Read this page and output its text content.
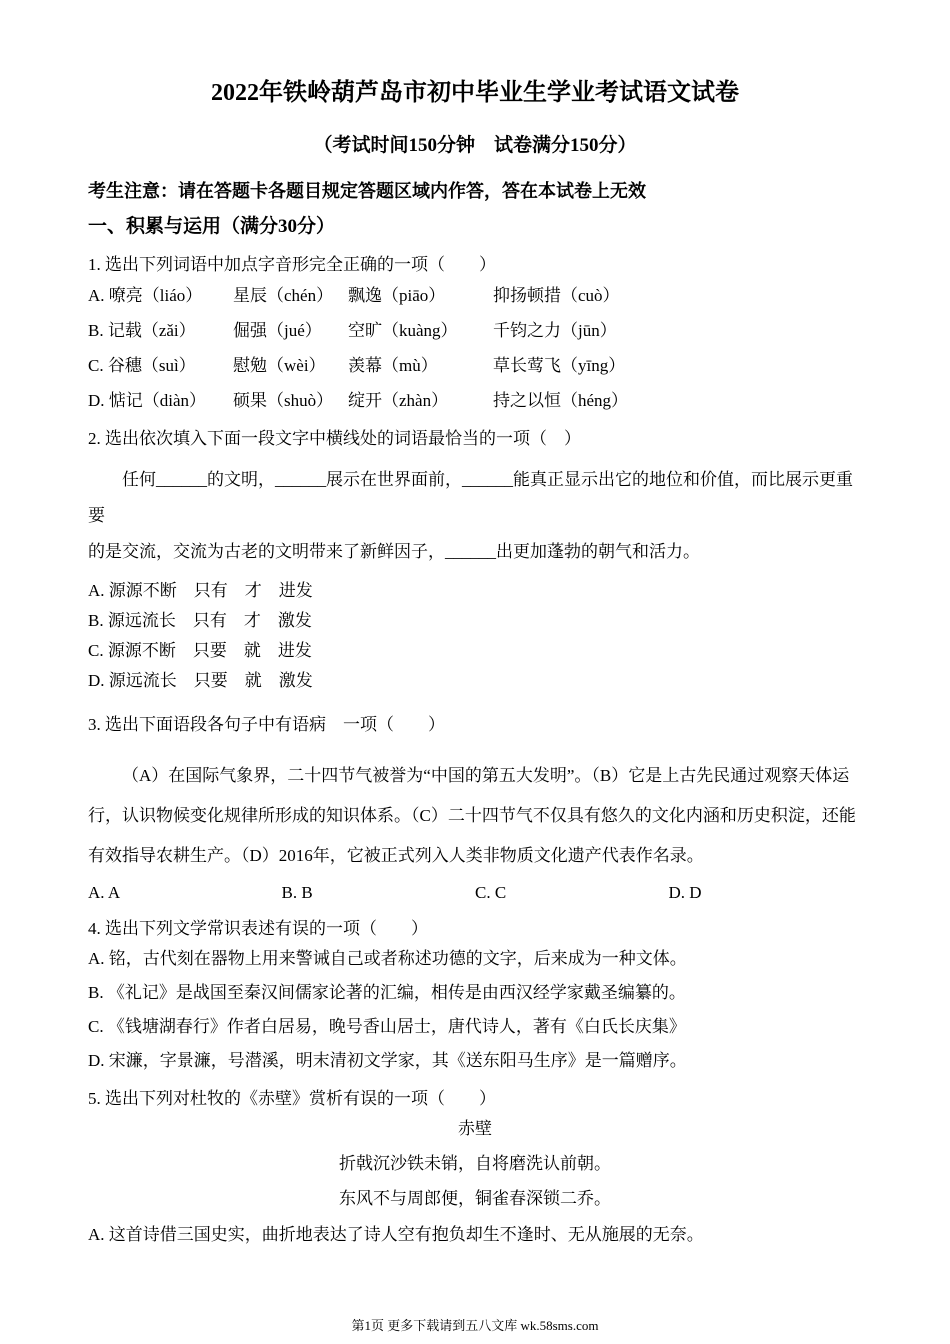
2022年铁岭葫芦岛市初中毕业生学业考试语文试卷
（考试时间150分钟　试卷满分150分）
考生注意：请在答题卡各题目规定答题区域内作答，答在本试卷上无效
一、积累与运用（满分30分）
1. 选出下列词语中加点字音形完全正确的一项（　　）
A. 嘹亮（liáo）	星辰（chén） 飘逸（piāo）	抑扬顿措（cuò）
B. 记载（zǎi）	倔强（jué）	空旷（kuàng）	千钧之力（jūn）
C. 谷穗（suì）	慰勉（wèi）	羡幕（mù）	草长莺飞（yīng）
D. 惦记（diàn）	硕果（shuò） 绽开（zhàn）	持之以恒（héng）
2. 选出依次填入下面一段文字中横线处的词语最恰当的一项（　）
任何______的文明，______展示在世界面前，______能真正显示出它的地位和价值，而比展示更重要
的是交流，交流为古老的文明带来了新鲜因子，______出更加蓬勃的朝气和活力。
A. 源源不断　只有　才　进发
B. 源远流长　只有　才　激发
C. 源源不断　只要　就　进发
D. 源远流长　只要　就　激发
3. 选出下面语段各句子中有语病　一项（　　）
（A）在国际气象界，二十四节气被誉为“中国的第五大发明”。（B）它是上古先民通过观察天体运
行，认识物候变化规律所形成的知识体系。（C）二十四节气不仅具有悠久的文化内涵和历史积淀，还能
有效指导农耕生产。（D）2016年，它被正式列入人类非物质文化遗产代表作名录。
A. A	B. B	C. C	D. D
4. 选出下列文学常识表述有误的一项（　　）
A. 铭，古代刻在器物上用来警诫自己或者称述功德的文字，后来成为一种文体。
B. 《礼记》是战国至秦汉间儒家论著的汇编，相传是由西汉经学家戴圣编纂的。
C. 《钱塘湖春行》作者白居易，晚号香山居士，唐代诗人，著有《白氏长庆集》
D. 宋濂，字景濂，号潜溪，明末清初文学家，其《送东阳马生序》是一篇赠序。
5. 选出下列对杜牧的《赤壁》赏析有误的一项（　　）
赤壁
折戟沉沙铁未销，自将磨洗认前朝。
东风不与周郎便，铜雀春深锁二乔。
A. 这首诗借三国史实，曲折地表达了诗人空有抱负却生不逢时、无从施展的无奈。
第1页 更多下载请到五八文库 wk.58sms.com
